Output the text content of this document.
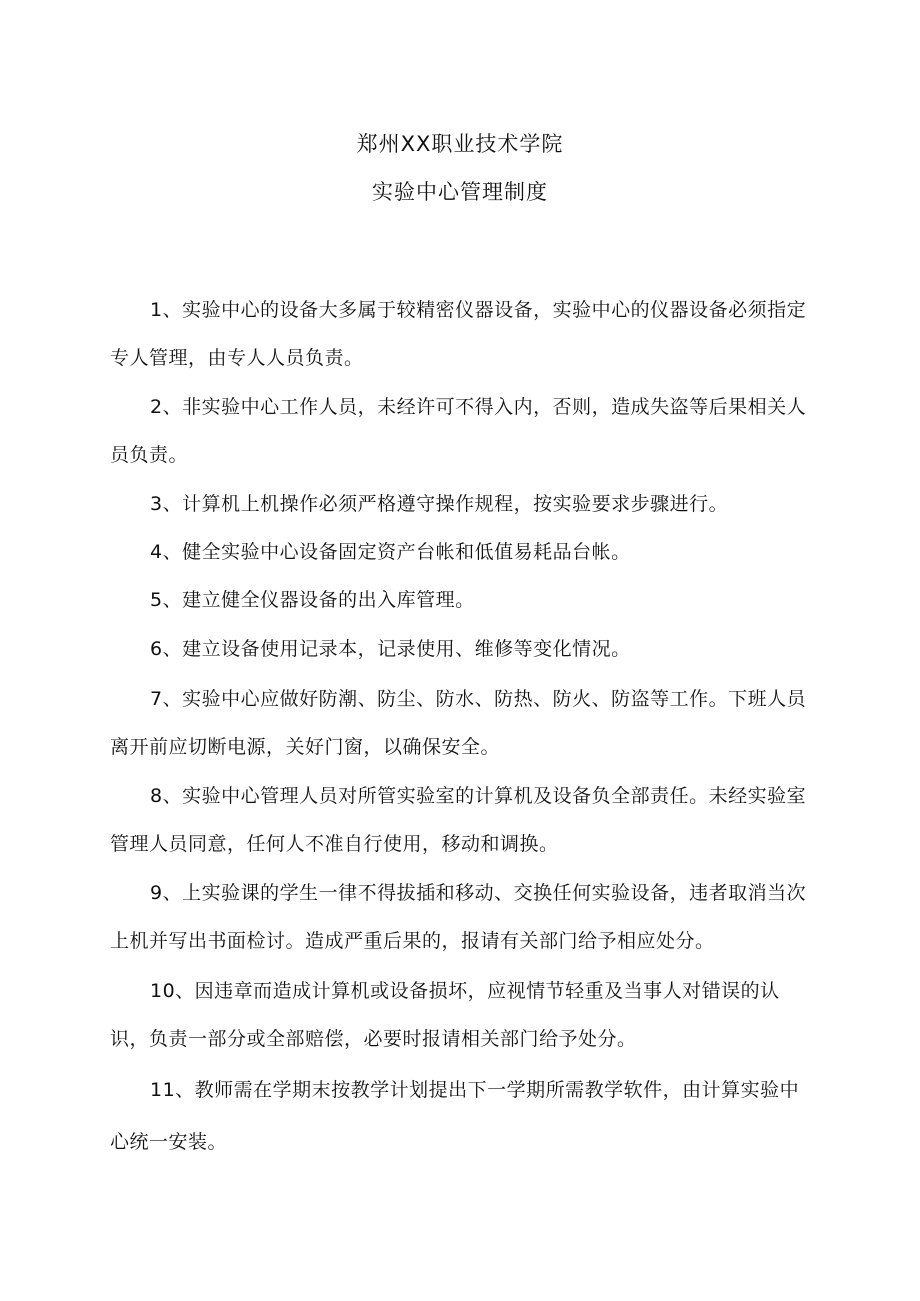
郑州XX职业技术学院
实验中心管理制度

1、实验中心的设备大多属于较精密仪器设备，实验中心的仪器设备必须指定专人管理，由专人人员负责。

2、非实验中心工作人员，未经许可不得入内，否则，造成失盗等后果相关人员负责。

3、计算机上机操作必须严格遵守操作规程，按实验要求步骤进行。

4、健全实验中心设备固定资产台帐和低值易耗品台帐。

5、建立健全仪器设备的出入库管理。

6、建立设备使用记录本，记录使用、维修等变化情况。

7、实验中心应做好防潮、防尘、防水、防热、防火、防盗等工作。下班人员离开前应切断电源，关好门窗，以确保安全。

8、实验中心管理人员对所管实验室的计算机及设备负全部责任。未经实验室管理人员同意，任何人不准自行使用，移动和调换。

9、上实验课的学生一律不得拔插和移动、交换任何实验设备，违者取消当次上机并写出书面检讨。造成严重后果的，报请有关部门给予相应处分。

10、因违章而造成计算机或设备损坏，应视情节轻重及当事人对错误的认识，负责一部分或全部赔偿，必要时报请相关部门给予处分。

11、教师需在学期末按教学计划提出下一学期所需教学软件，由计算实验中心统一安装。
